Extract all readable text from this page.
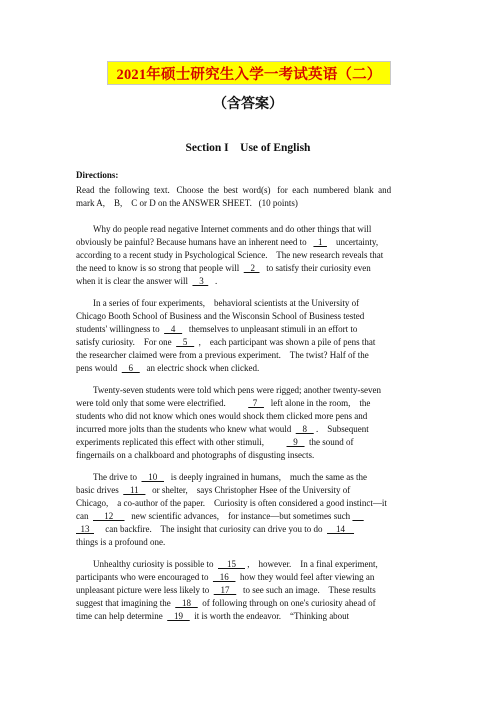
2021年硕士研究生入学一考试英语（二）
（含答案）
Section I    Use of English
Directions:
Read  the  following  text.   Choose  the  best  word(s)   for  each  numbered  blank  and
mark A,    B,    C or D on the ANSWER SHEET.   (10 points)
Why do people read negative Internet comments and do other things that will
obviously be painful? Because humans have an inherent need to     1      uncertainty,
according to a recent study in Psychological Science.    The new research reveals that
the need to know is so strong that people will     2     to satisfy their curiosity even
when it is clear the answer will     3     .
In a series of four experiments,    behavioral scientists at the University of
Chicago Booth School of Business and the Wisconsin School of Business tested
students' willingness to     4      themselves to unpleasant stimuli in an effort to
satisfy curiosity.    For one     5     ,    each participant was shown a pile of pens that
the researcher claimed were from a previous experiment.    The twist? Half of the
pens would     6      an electric shock when clicked.
Twenty-seven students were told which pens were rigged; another twenty-seven
were told only that some were electrified.            7      left alone in the room,    the
students who did not know which ones would shock them clicked more pens and
incurred more jolts than the students who knew what would     8    .    Subsequent
experiments replicated this effect with other stimuli,             9     the sound of
fingernails on a chalkboard and photographs of disgusting insects.
The drive to     10      is deeply ingrained in humans,    much the same as the
basic drives     11      or shelter,    says Christopher Hsee of the University of
Chicago,    a co-author of the paper.    Curiosity is often considered a good instinct—it
can       12        new scientific advances,    for instance—but sometimes such
13       can backfire.    The insight that curiosity can drive you to do      14
things is a profound one.
Unhealthy curiosity is possible to      15     ,    however.    In a final experiment,
participants who were encouraged to     16     how they would feel after viewing an
unpleasant picture were less likely to     17      to see such an image.    These results
suggest that imagining the     18     of following through on one's curiosity ahead of
time can help determine     19     it is worth the endeavor.    “Thinking about
